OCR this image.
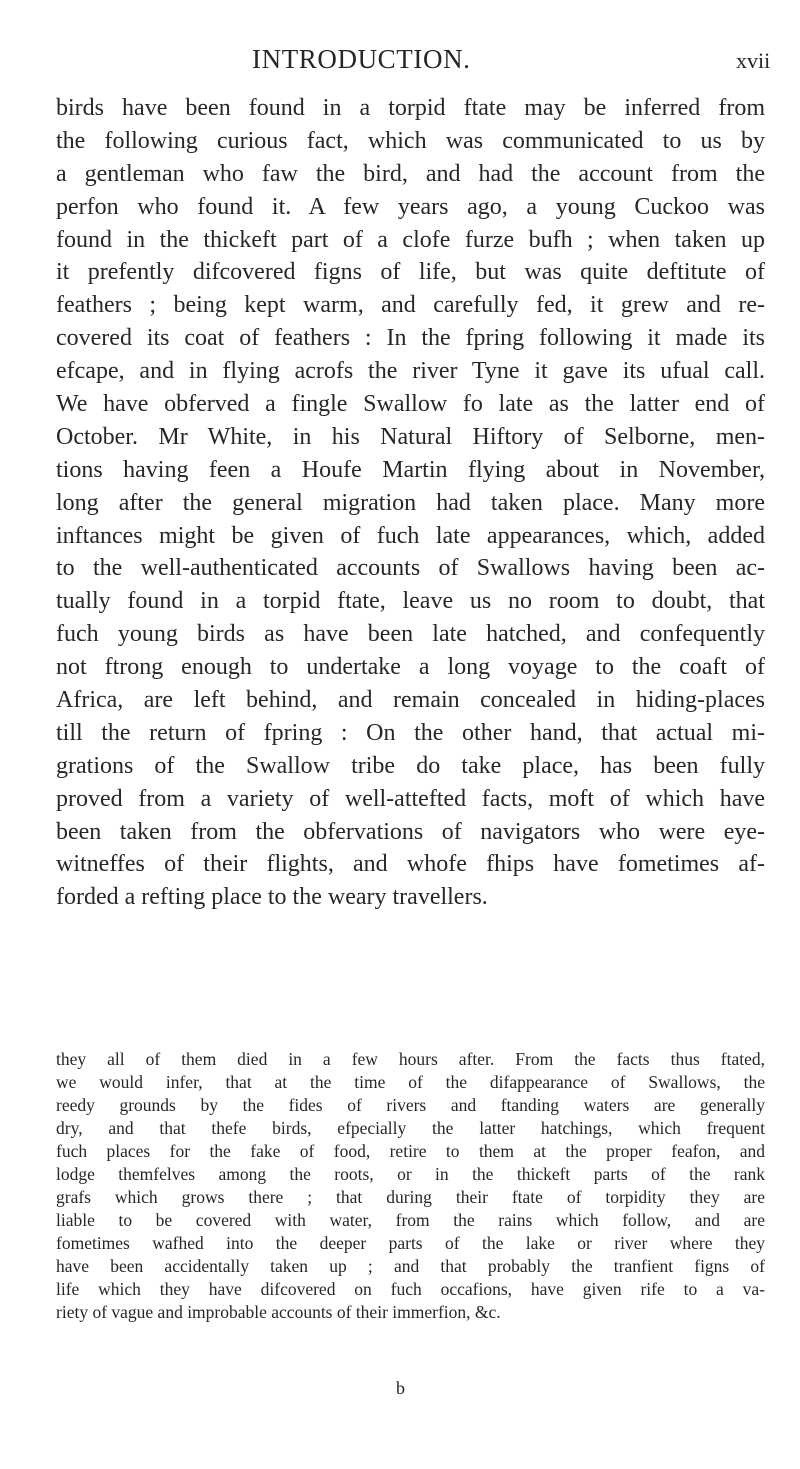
INTRODUCTION.	xvii
birds have been found in a torpid ftate may be inferred from
the following curious fact, which was communicated to us by
a gentleman who faw the bird, and had the account from the
perfon who found it. A few years ago, a young Cuckoo was
found in the thickeft part of a clofe furze bufh ; when taken up
it prefently difcovered figns of life, but was quite deftitute of
feathers ; being kept warm, and carefully fed, it grew and re-
covered its coat of feathers : In the fpring following it made its
efcape, and in flying acrofs the river Tyne it gave its ufual call.
We have obferved a fingle Swallow fo late as the latter end of
October. Mr White, in his Natural Hiftory of Selborne, men-
tions having feen a Houfe Martin flying about in November,
long after the general migration had taken place. Many more
inftances might be given of fuch late appearances, which, added
to the well-authenticated accounts of Swallows having been ac-
tually found in a torpid ftate, leave us no room to doubt, that
fuch young birds as have been late hatched, and confequently
not ftrong enough to undertake a long voyage to the coaft of
Africa, are left behind, and remain concealed in hiding-places
till the return of fpring : On the other hand, that actual mi-
grations of the Swallow tribe do take place, has been fully
proved from a variety of well-attefted facts, moft of which have
been taken from the obfervations of navigators who were eye-
witneffes of their flights, and whofe fhips have fometimes af-
forded a refting place to the weary travellers.
they all of them died in a few hours after. From the facts thus ftated,
we would infer, that at the time of the difappearance of Swallows, the
reedy grounds by the fides of rivers and ftanding waters are generally
dry, and that thefe birds, efpecially the latter hatchings, which frequent
fuch places for the fake of food, retire to them at the proper feafon, and
lodge themfelves among the roots, or in the thickeft parts of the rank
grafs which grows there ; that during their ftate of torpidity they are
liable to be covered with water, from the rains which follow, and are
fometimes wafhed into the deeper parts of the lake or river where they
have been accidentally taken up ; and that probably the tranfient figns of
life which they have difcovered on fuch occafions, have given rife to a va-
riety of vague and improbable accounts of their immerfion, &c.
b
